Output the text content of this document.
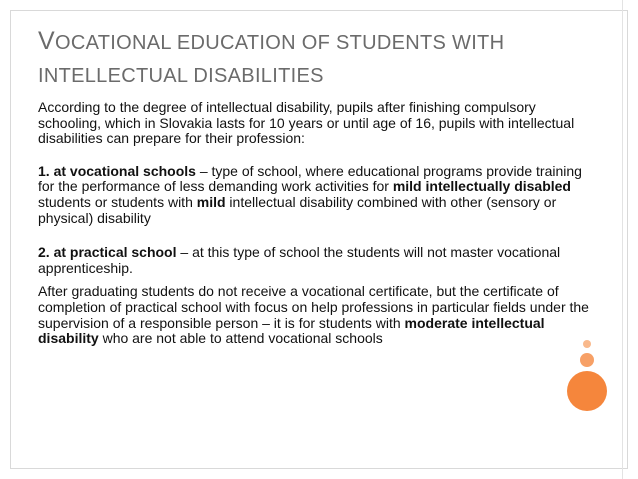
VOCATIONAL EDUCATION OF STUDENTS WITH INTELLECTUAL DISABILITIES

According to the degree of intellectual disability, pupils after finishing compulsory schooling, which in Slovakia lasts for 10 years or until age of 16, pupils with intellectual disabilities can prepare for their profession:

1. at vocational schools – type of school, where educational programs provide training for the performance of less demanding work activities for mild intellectually disabled students or students with mild intellectual disability combined with other (sensory or physical) disability

2. at practical school – at this type of school the students will not master vocational apprenticeship.

After graduating students do not receive a vocational certificate, but the certificate of completion of practical school with focus on help professions in particular fields under the supervision of a responsible person – it is for students with moderate intellectual disability who are not able to attend vocational schools
